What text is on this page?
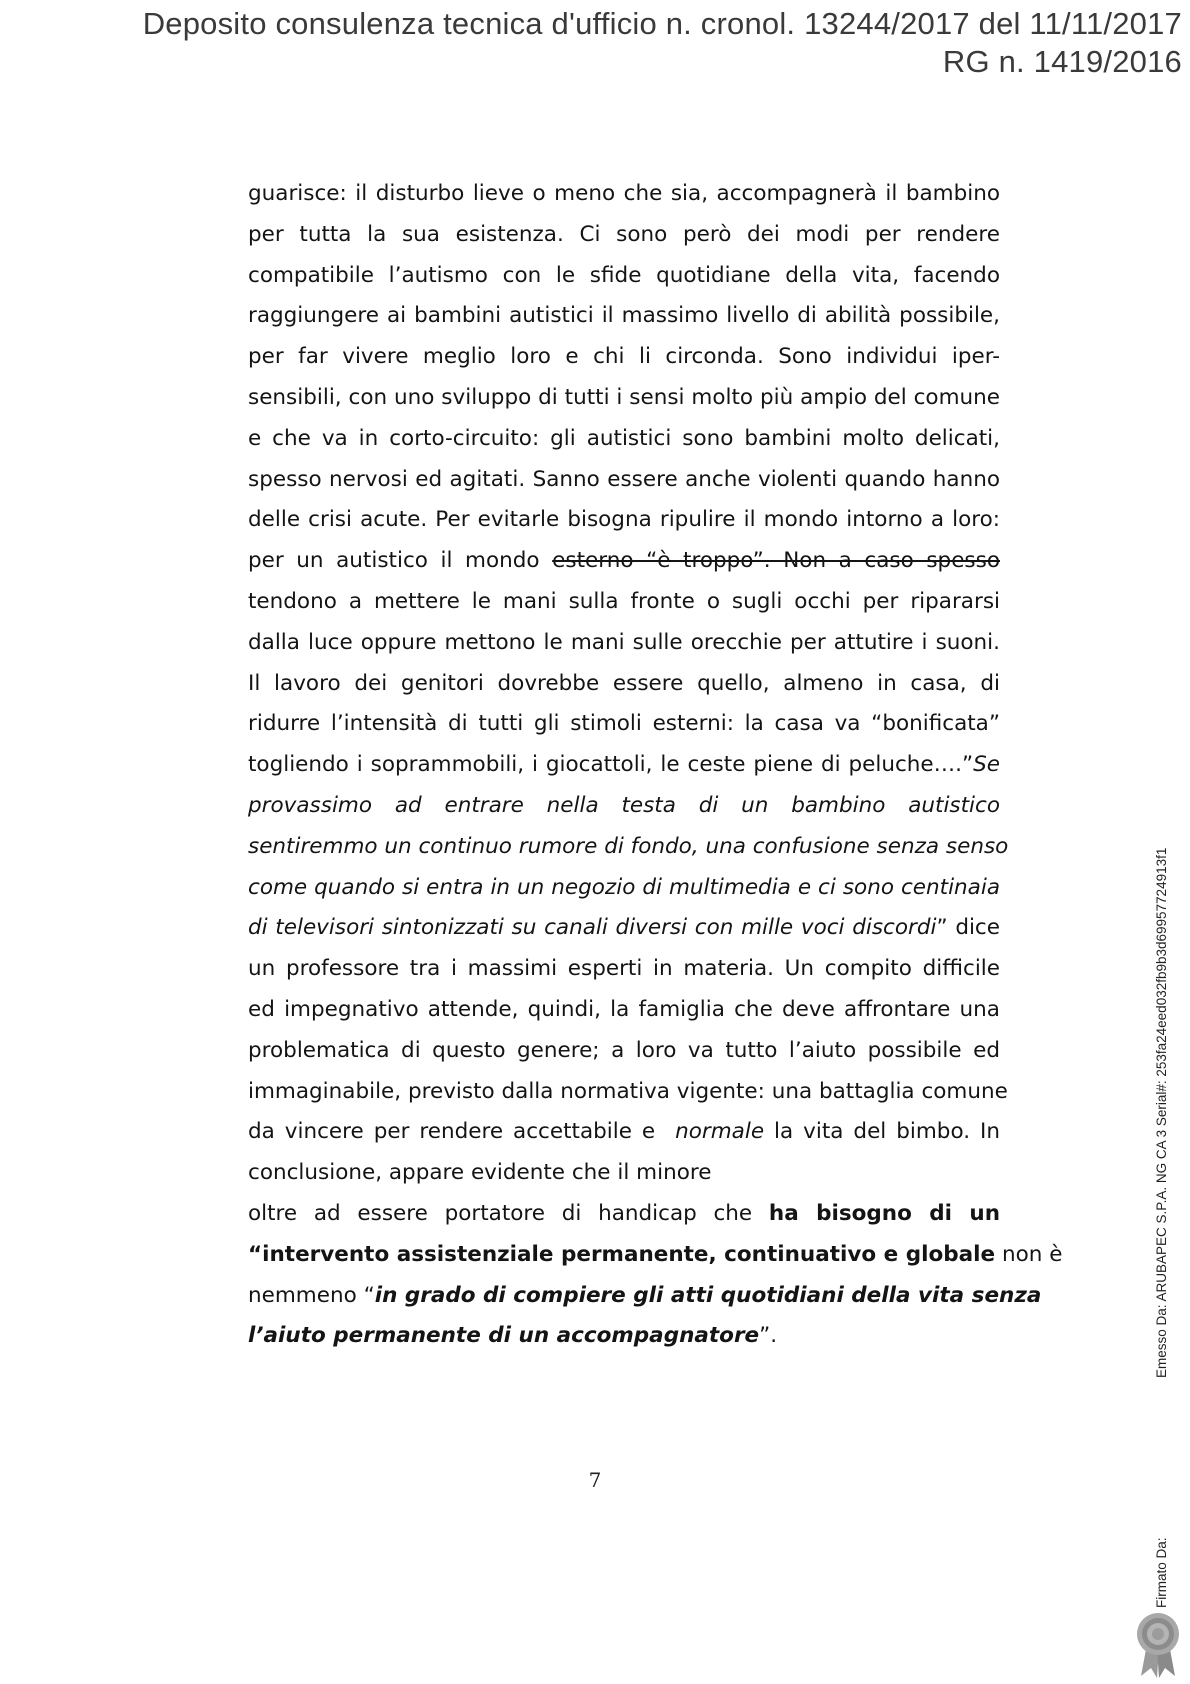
Deposito consulenza tecnica d'ufficio n. cronol. 13244/2017 del 11/11/2017
RG n. 1419/2016
guarisce: il disturbo lieve o meno che sia, accompagnerà il bambino
per tutta la sua esistenza. Ci sono però dei modi per rendere
compatibile l’autismo con le sfide quotidiane della vita, facendo
raggiungere ai bambini autistici il massimo livello di abilità possibile,
per far vivere meglio loro e chi li circonda. Sono individui iper-
sensibili, con uno sviluppo di tutti i sensi molto più ampio del comune
e che va in corto-circuito: gli autistici sono bambini molto delicati,
spesso nervosi ed agitati. Sanno essere anche violenti quando hanno
delle crisi acute. Per evitarle bisogna ripulire il mondo intorno a loro:
per un autistico il mondo esterno “è troppo”. Non a caso spesso
tendono a mettere le mani sulla fronte o sugli occhi per ripararsi
dalla luce oppure mettono le mani sulle orecchie per attutire i suoni.
Il lavoro dei genitori dovrebbe essere quello, almeno in casa, di
ridurre l’intensità di tutti gli stimoli esterni: la casa va “bonificata”
togliendo i soprammobili, i giocattoli, le ceste piene di peluche….”Se
provassimo ad entrare nella testa di un bambino autistico
sentiremmo un continuo rumore di fondo, una confusione senza senso
come quando si entra in un negozio di multimedia e ci sono centinaia
di televisori sintonizzati su canali diversi con mille voci discordi” dice
un professore tra i massimi esperti in materia. Un compito difficile
ed impegnativo attende, quindi, la famiglia che deve affrontare una
problematica di questo genere; a loro va tutto l’aiuto possibile ed
immaginabile, previsto dalla normativa vigente: una battaglia comune
da vincere per rendere accettabile e normale la vita del bimbo. In
conclusione, appare evidente che il minore
oltre ad essere portatore di handicap che ha bisogno di un
“intervento assistenziale permanente, continuativo e globale non è
nemmeno “in grado di compiere gli atti quotidiani della vita senza
l’aiuto permanente di un accompagnatore”.
7
Emesso Da: ARUBAPEC S.P.A. NG CA 3 Serial#: 253fa24eed032fb9b3d6995772491​3f1
Firmato Da:
